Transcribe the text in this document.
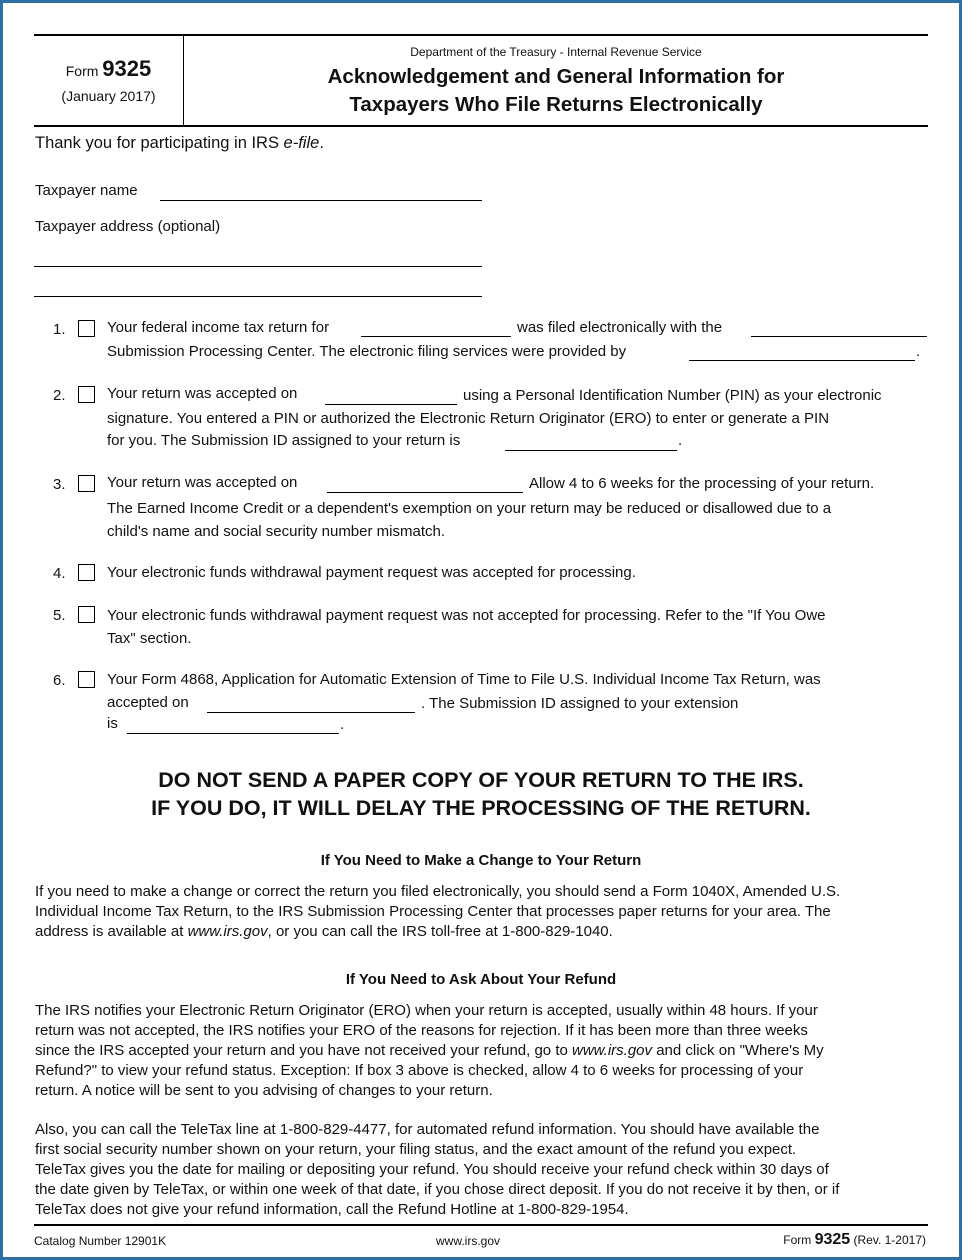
Form 9325
(January 2017)
Department of the Treasury - Internal Revenue Service
Acknowledgement and General Information for
Taxpayers Who File Returns Electronically
Thank you for participating in IRS e-file.
Taxpayer name
Taxpayer address (optional)
1.	Your federal income tax return for	was filed electronically with the
Submission Processing Center. The electronic filing services were provided by	.
2.	Your return was accepted on	using a Personal Identification Number (PIN) as your electronic
signature. You entered a PIN or authorized the Electronic Return Originator (ERO) to enter or generate a PIN
for you. The Submission ID assigned to your return is	.
3.	Your return was accepted on	Allow 4 to 6 weeks for the processing of your return.
The Earned Income Credit or a dependent's exemption on your return may be reduced or disallowed due to a
child's name and social security number mismatch.
4.	Your electronic funds withdrawal payment request was accepted for processing.
5.	Your electronic funds withdrawal payment request was not accepted for processing. Refer to the "If You Owe
Tax" section.
6.	Your Form 4868, Application for Automatic Extension of Time to File U.S. Individual Income Tax Return, was
accepted on	. The Submission ID assigned to your extension
is	.
DO NOT SEND A PAPER COPY OF YOUR RETURN TO THE IRS.
IF YOU DO, IT WILL DELAY THE PROCESSING OF THE RETURN.
If You Need to Make a Change to Your Return
If you need to make a change or correct the return you filed electronically, you should send a Form 1040X, Amended U.S.
Individual Income Tax Return, to the IRS Submission Processing Center that processes paper returns for your area. The
address is available at www.irs.gov, or you can call the IRS toll-free at 1-800-829-1040.
If You Need to Ask About Your Refund
The IRS notifies your Electronic Return Originator (ERO) when your return is accepted, usually within 48 hours. If your
return was not accepted, the IRS notifies your ERO of the reasons for rejection. If it has been more than three weeks
since the IRS accepted your return and you have not received your refund, go to www.irs.gov and click on "Where's My
Refund?" to view your refund status. Exception: If box 3 above is checked, allow 4 to 6 weeks for processing of your
return. A notice will be sent to you advising of changes to your return.
Also, you can call the TeleTax line at 1-800-829-4477, for automated refund information. You should have available the
first social security number shown on your return, your filing status, and the exact amount of the refund you expect.
TeleTax gives you the date for mailing or depositing your refund. You should receive your refund check within 30 days of
the date given by TeleTax, or within one week of that date, if you chose direct deposit. If you do not receive it by then, or if
TeleTax does not give your refund information, call the Refund Hotline at 1-800-829-1954.
Catalog Number 12901K	www.irs.gov	Form 9325 (Rev. 1-2017)
